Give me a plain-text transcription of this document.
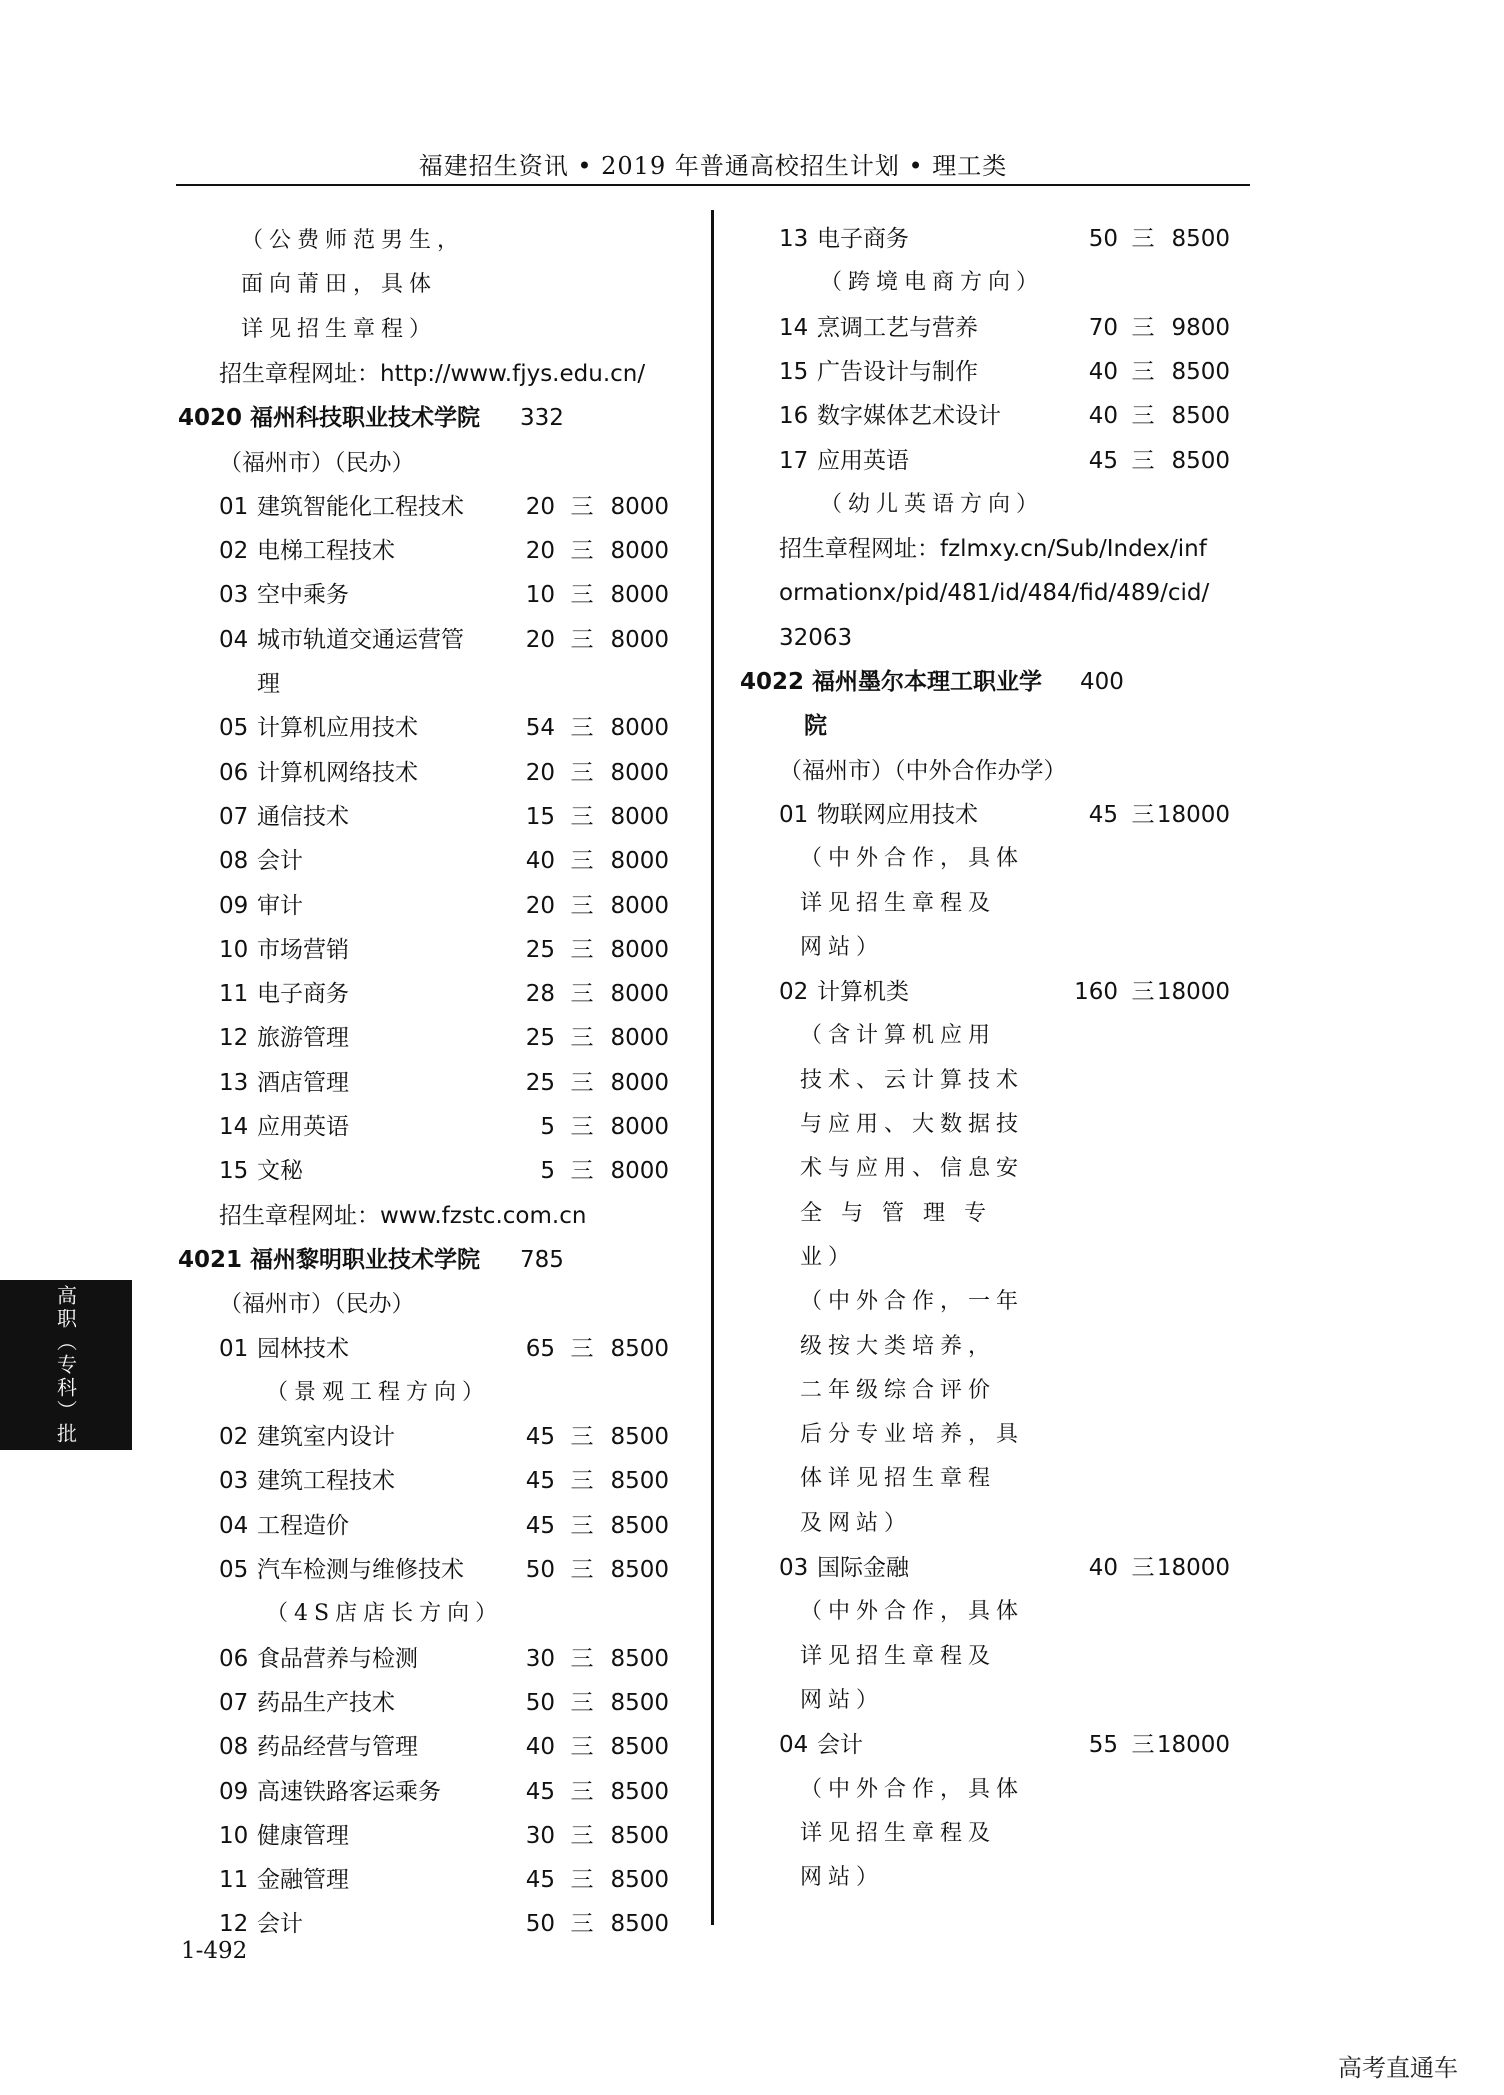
福建招生资讯 • 2019 年普通高校招生计划 • 理工类
高职（专科）批
1-492
高考直通车
（公费师范男生，
面向莆田，具体
详见招生章程）
招生章程网址：http://www.fjys.edu.cn/
4020 福州科技职业技术学院 332
（福州市）（民办）
01 建筑智能化工程技术	20 三 8000
02 电梯工程技术	20 三 8000
03 空中乘务	10 三 8000
04 城市轨道交通运营管	20 三 8000
理
05 计算机应用技术	54 三 8000
06 计算机网络技术	20 三 8000
07 通信技术	15 三 8000
08 会计	40 三 8000
09 审计	20 三 8000
10 市场营销	25 三 8000
11 电子商务	28 三 8000
12 旅游管理	25 三 8000
13 酒店管理	25 三 8000
14 应用英语	5 三 8000
15 文秘	5 三 8000
招生章程网址：www.fzstc.com.cn
4021 福州黎明职业技术学院 785
（福州市）（民办）
01 园林技术	65 三 8500
（景观工程方向）
02 建筑室内设计	45 三 8500
03 建筑工程技术	45 三 8500
04 工程造价	45 三 8500
05 汽车检测与维修技术	50 三 8500
（4S店店长方向）
06 食品营养与检测	30 三 8500
07 药品生产技术	50 三 8500
08 药品经营与管理	40 三 8500
09 高速铁路客运乘务	45 三 8500
10 健康管理	30 三 8500
11 金融管理	45 三 8500
12 会计	50 三 8500
13 电子商务	50 三 8500
（跨境电商方向）
14 烹调工艺与营养	70 三 9800
15 广告设计与制作	40 三 8500
16 数字媒体艺术设计	40 三 8500
17 应用英语	45 三 8500
（幼儿英语方向）
招生章程网址：fzlmxy.cn/Sub/Index/inf
ormationx/pid/481/id/484/fid/489/cid/
32063
4022 福州墨尔本理工职业学 400
院
（福州市）（中外合作办学）
01 物联网应用技术	45 三 18000
（中外合作，具体
详见招生章程及
网站）
02 计算机类	160 三 18000
（含计算机应用
技术、云计算技术
与应用、大数据技
术与应用、信息安
全 与 管 理 专
业）
（中外合作，一年
级按大类培养，
二年级综合评价
后分专业培养，具
体详见招生章程
及网站）
03 国际金融	40 三 18000
（中外合作，具体
详见招生章程及
网站）
04 会计	55 三 18000
（中外合作，具体
详见招生章程及
网站）
